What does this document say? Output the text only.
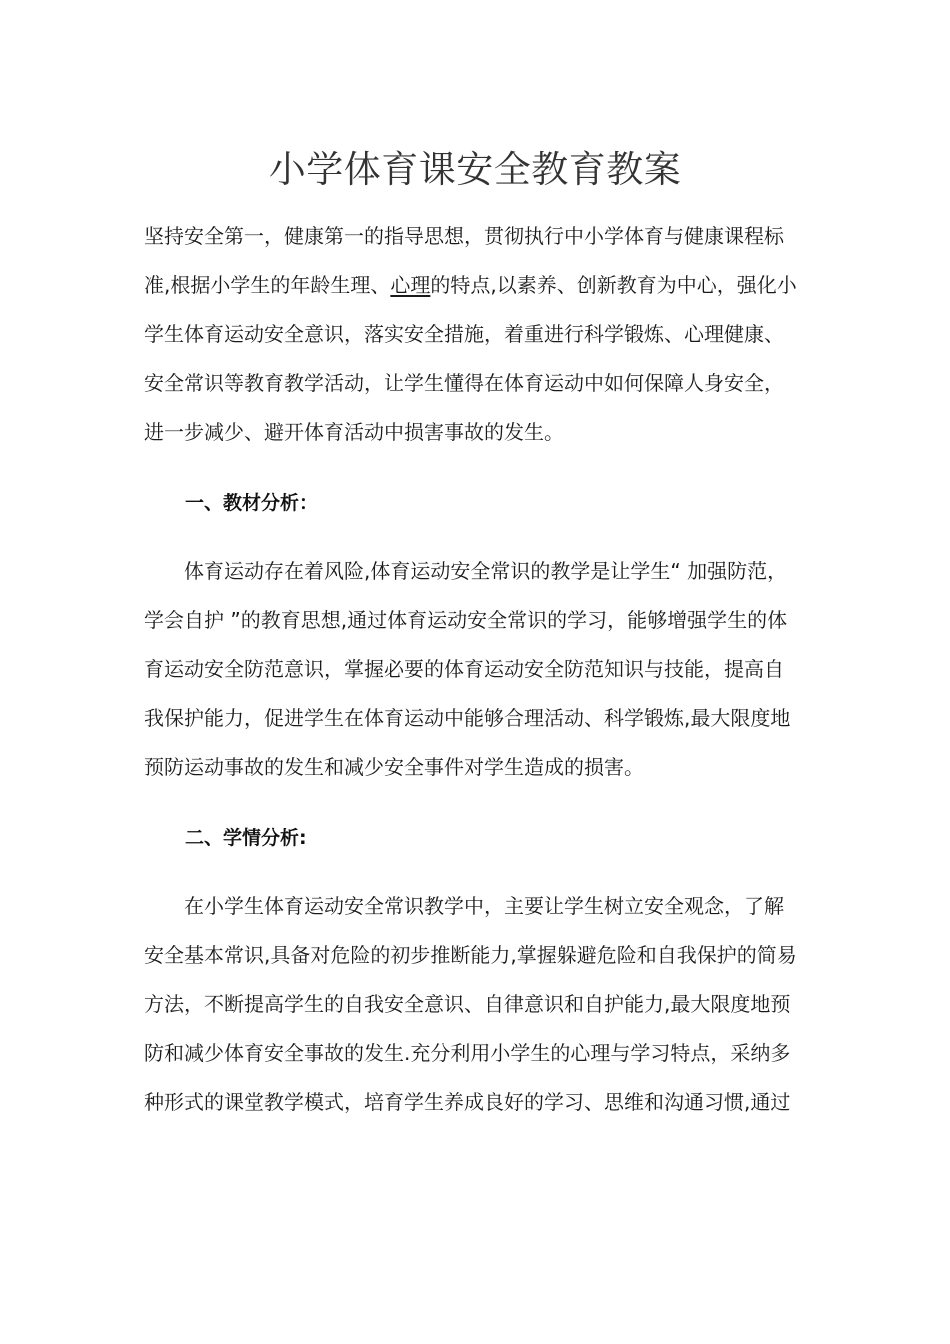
小学体育课安全教育教案
坚持安全第一，健康第一的指导思想，贯彻执行中小学体育与健康课程标
准,根据小学生的年龄生理、心理的特点,以素养、创新教育为中心，强化小
学生体育运动安全意识，落实安全措施，着重进行科学锻炼、心理健康、
安全常识等教育教学活动，让学生懂得在体育运动中如何保障人身安全，
进一步减少、避开体育活动中损害事故的发生。
一、教材分析：
体育运动存在着风险,体育运动安全常识的教学是让学生“ 加强防范，
学会自护 ”的教育思想,通过体育运动安全常识的学习，能够增强学生的体
育运动安全防范意识，掌握必要的体育运动安全防范知识与技能，提高自
我保护能力，促进学生在体育运动中能够合理活动、科学锻炼,最大限度地
预防运动事故的发生和减少安全事件对学生造成的损害。
二、学情分析:
在小学生体育运动安全常识教学中，主要让学生树立安全观念，了解
安全基本常识,具备对危险的初步推断能力,掌握躲避危险和自我保护的简易
方法，不断提高学生的自我安全意识、自律意识和自护能力,最大限度地预
防和减少体育安全事故的发生.充分利用小学生的心理与学习特点，采纳多
种形式的课堂教学模式，培育学生养成良好的学习、思维和沟通习惯,通过
